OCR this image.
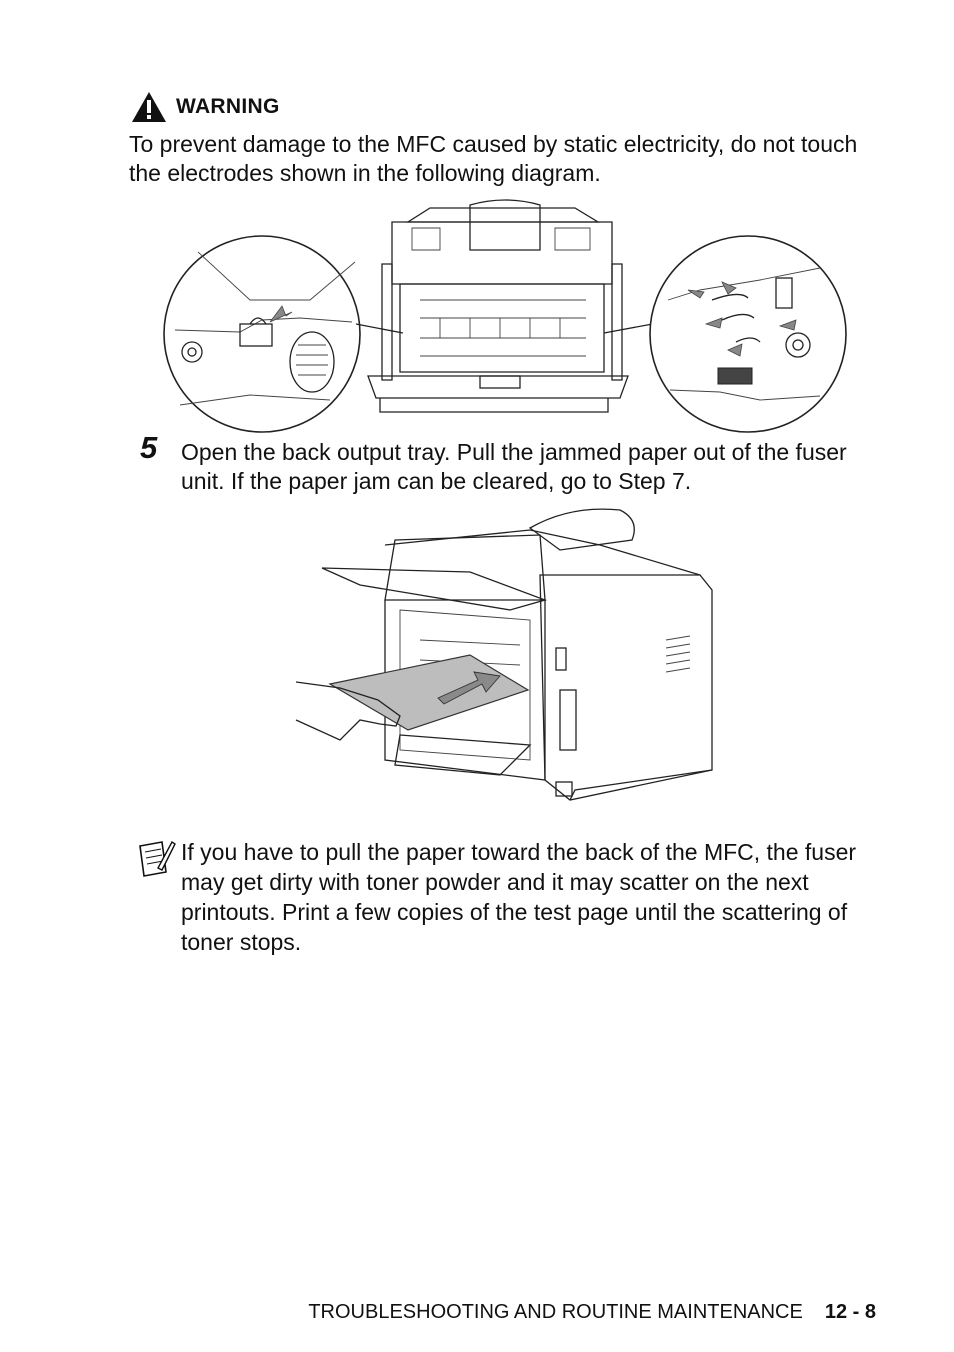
WARNING
To prevent damage to the MFC caused by static electricity, do not touch the electrodes shown in the following diagram.
5 Open the back output tray. Pull the jammed paper out of the fuser unit. If the paper jam can be cleared, go to Step 7.
If you have to pull the paper toward the back of the MFC, the fuser may get dirty with toner powder and it may scatter on the next printouts. Print a few copies of the test page until the scattering of toner stops.
TROUBLESHOOTING AND ROUTINE MAINTENANCE 12 - 8
